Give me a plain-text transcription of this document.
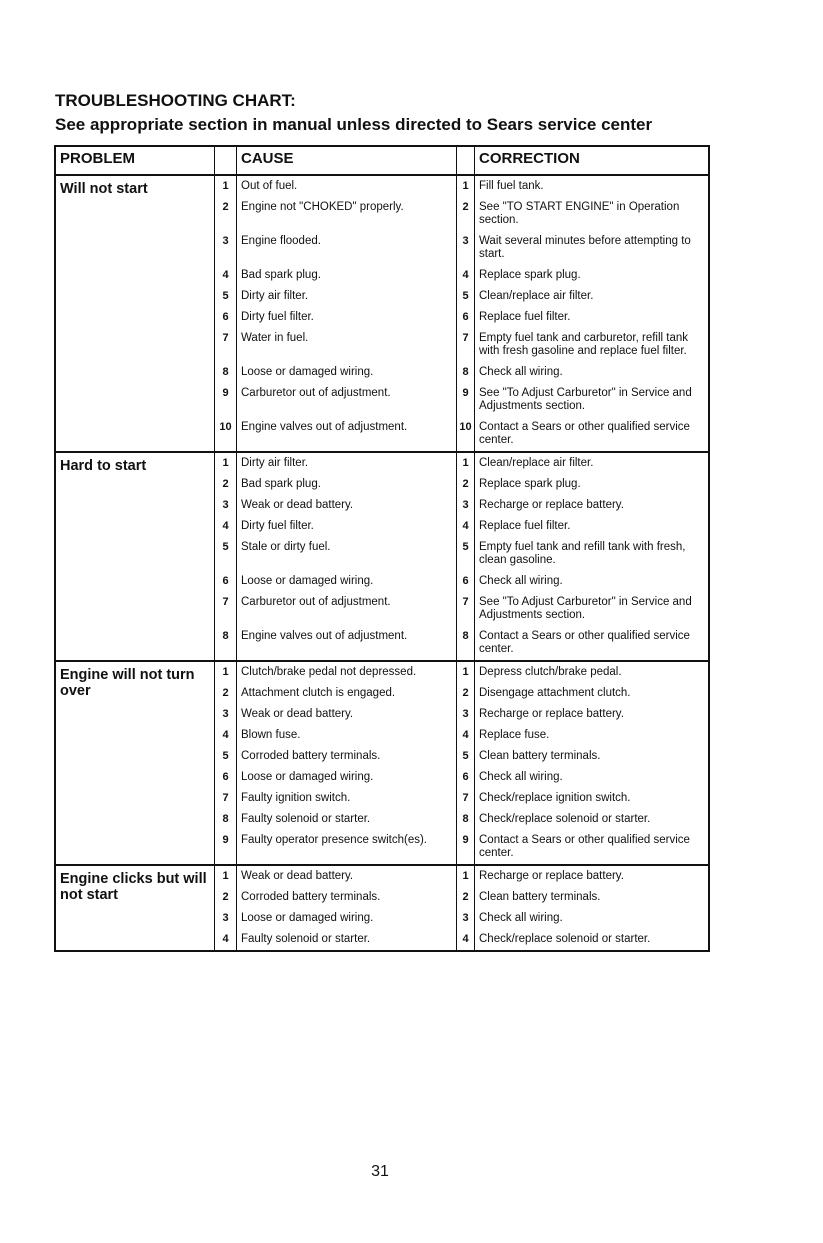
TROUBLESHOOTING CHART:
See appropriate section in manual unless directed to Sears service center
PROBLEM	CAUSE	CORRECTION
Will not start	1	Out of fuel.	1 Fill fuel tank.
2	Engine not "CHOKED" properly.	2 See "TO START ENGINE" in Operation section.
3	Engine flooded.	3 Wait several minutes before attempting to start.
4	Bad spark plug.	4 Replace spark plug.
5	Dirty air filter.	5 Clean/replace air filter.
6	Dirty fuel filter.	6 Replace fuel filter.
7	Water in fuel.	7 Empty fuel tank and carburetor, refill tank with fresh gasoline and replace fuel filter.
8	Loose or damaged wiring.	8 Check all wiring.
9	Carburetor out of adjustment.	9 See "To Adjust Carburetor" in Service and Adjustments section.
10 Engine valves out of adjustment.	10 Contact a Sears or other qualified service center.
Hard to start	1	Dirty air filter.	1 Clean/replace air filter.
2	Bad spark plug.	2 Replace spark plug.
3	Weak or dead battery.	3 Recharge or replace battery.
4	Dirty fuel filter.	4 Replace fuel filter.
5	Stale or dirty fuel.	5 Empty fuel tank and refill tank with fresh, clean gasoline.
6	Loose or damaged wiring.	6 Check all wiring.
7	Carburetor out of adjustment.	7 See "To Adjust Carburetor" in Service and Adjustments section.
8	Engine valves out of adjustment.	8 Contact a Sears or other qualified service center.
Engine will not turn over
1	Clutch/brake pedal not depressed.	1 Depress clutch/brake pedal.
2	Attachment clutch is engaged.	2 Disengage attachment clutch.
3	Weak or dead battery.	3 Recharge or replace battery.
4	Blown fuse.	4 Replace fuse.
5	Corroded battery terminals.	5 Clean battery terminals.
6	Loose or damaged wiring.	6 Check all wiring.
7	Faulty ignition switch.	7 Check/replace ignition switch.
8	Faulty solenoid or starter.	8 Check/replace solenoid or starter.
9	Faulty operator presence switch(es).	9 Contact a Sears or other qualified service center.
Engine clicks but will not start
1	Weak or dead battery.	1 Recharge or replace battery.
2	Corroded battery terminals.	2 Clean battery terminals.
3	Loose or damaged wiring.	3 Check all wiring.
4	Faulty solenoid or starter.	4 Check/replace solenoid or starter.
31
